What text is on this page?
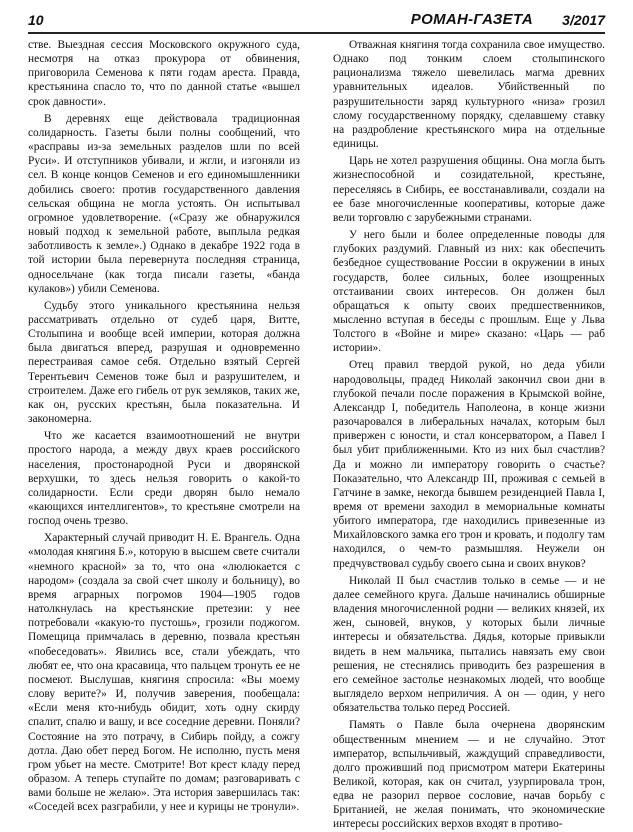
10	РОМАН-ГАЗЕТА 3/2017

стве. Выездная сессия Московского окружного суда, несмотря на отказ прокурора от обвинения, приговорила Семенова к пяти годам ареста. Правда, крестьянина спасло то, что по данной статье «вышел срок давности».

В деревнях еще действовала традиционная солидарность. Газеты были полны сообщений, что «расправы из-за земельных разделов шли по всей Руси». И отступников убивали, и жгли, и изгоняли из сел. В конце концов Семенов и его единомышленники добились своего: против государственного давления сельская община не могла устоять. Он испытывал огромное удовлетворение. («Сразу же обнаружился новый подход к земельной работе, выплыла редкая заботливость к земле».) Однако в декабре 1922 года в той истории была перевернута последняя страница, односельчане (как тогда писали газеты, «банда кулаков») убили Семенова.

Судьбу этого уникального крестьянина нельзя рассматривать отдельно от судеб царя, Витте, Столыпина и вообще всей империи, которая должна была двигаться вперед, разрушая и одновременно перестраивая самое себя. Отдельно взятый Сергей Терентьевич Семенов тоже был и разрушителем, и строителем. Даже его гибель от рук земляков, таких же, как он, русских крестьян, была показательна. И закономерна.

Что же касается взаимоотношений не внутри простого народа, а между двух краев российского населения, простонародной Руси и дворянской верхушки, то здесь нельзя говорить о какой-то солидарности. Если среди дворян было немало «кающихся интеллигентов», то крестьяне смотрели на господ очень трезво.

Характерный случай приводит Н. Е. Врангель. Одна «молодая княгиня Б.», которую в высшем свете считали «немного красной» за то, что она «люлюкается с народом» (создала за свой счет школу и больницу), во время аграрных погромов 1904—1905 годов натолкнулась на крестьянские претезии: у нее потребовали «какую-то пустошь», грозили поджогом. Помещица примчалась в деревню, позвала крестьян «побеседовать». Явились все, стали убеждать, что любят ее, что она красавица, что пальцем тронуть ее не посмеют. Выслушав, княгиня спросила: «Вы моему слову верите?» И, получив заверения, пообещала: «Если меня кто-нибудь обидит, хоть одну скирду спалит, спалю и вашу, и все соседние деревни. Поняли? Состояние на это потрачу, в Сибирь пойду, а сожгу дотла. Даю обет перед Богом. Не исполню, пусть меня гром убьет на месте. Смотрите! Вот крест кладу перед образом. А теперь ступайте по домам; разговаривать с вами больше не желаю». Эта история завершилась так: «Соседей всех разграбили, у нее и курицы не тронули».

Отважная княгиня тогда сохранила свое имущество. Однако под тонким слоем столыпинского рационализма тяжело шевелилась магма древних уравнительных идеалов. Убийственный по разрушительности заряд культурного «низа» грозил слому государственному порядку, сделавшему ставку на раздробление крестьянского мира на отдельные единицы.

Царь не хотел разрушения общины. Она могла быть жизнеспособной и созидательной, крестьяне, переселяясь в Сибирь, ее восстанавливали, создали на ее базе многочисленные кооперативы, которые даже вели торговлю с зарубежными странами.

У него были и более определенные поводы для глубоких раздумий. Главный из них: как обеспечить безбедное существование России в окружении в иных государств, более сильных, более изощренных отстаивании своих интересов. Он должен был обращаться к опыту своих предшественников, мысленно вступая в беседы с прошлым. Еще у Льва Толстого в «Войне и мире» сказано: «Царь — раб истории».

Отец правил твердой рукой, но деда убили народовольцы, прадед Николай закончил свои дни в глубокой печали после поражения в Крымской войне, Александр I, победитель Наполеона, в конце жизни разочаровался в либеральных началах, которым был привержен с юности, и стал консерватором, а Павел I был убит приближенными. Кто из них был счастлив? Да и можно ли императору говорить о счастье? Показательно, что Александр III, проживая с семьей в Гатчине в замке, некогда бывшем резиденцией Павла I, время от времени заходил в мемориальные комнаты убитого императора, где находились привезенные из Михайловского замка его трон и кровать, и подолгу там находился, о чем-то размышляя. Неужели он предчувствовал судьбу своего сына и своих внуков?

Николай II был счастлив только в семье — и не далее семейного круга. Дальше начинались обширные владения многочисленной родни — великих князей, их жен, сыновей, внуков, у которых были личные интересы и обязательства. Дядья, которые привыкли видеть в нем мальчика, пытались навязать ему свои решения, не стеснялись приводить без разрешения в его семейное застолье незнакомых людей, что вообще выглядело верхом неприличия. А он — один, у него обязательства только перед Россией.

Память о Павле была очернена дворянским общественным мнением — и не случайно. Этот император, вспыльчивый, жаждущий справедливости, долго проживший под присмотром матери Екатерины Великой, которая, как он считал, узурпировала трон, едва не разорил первое сословие, начав борьбу с Британией, не желая понимать, что экономические интересы российских верхов входят в противо-
